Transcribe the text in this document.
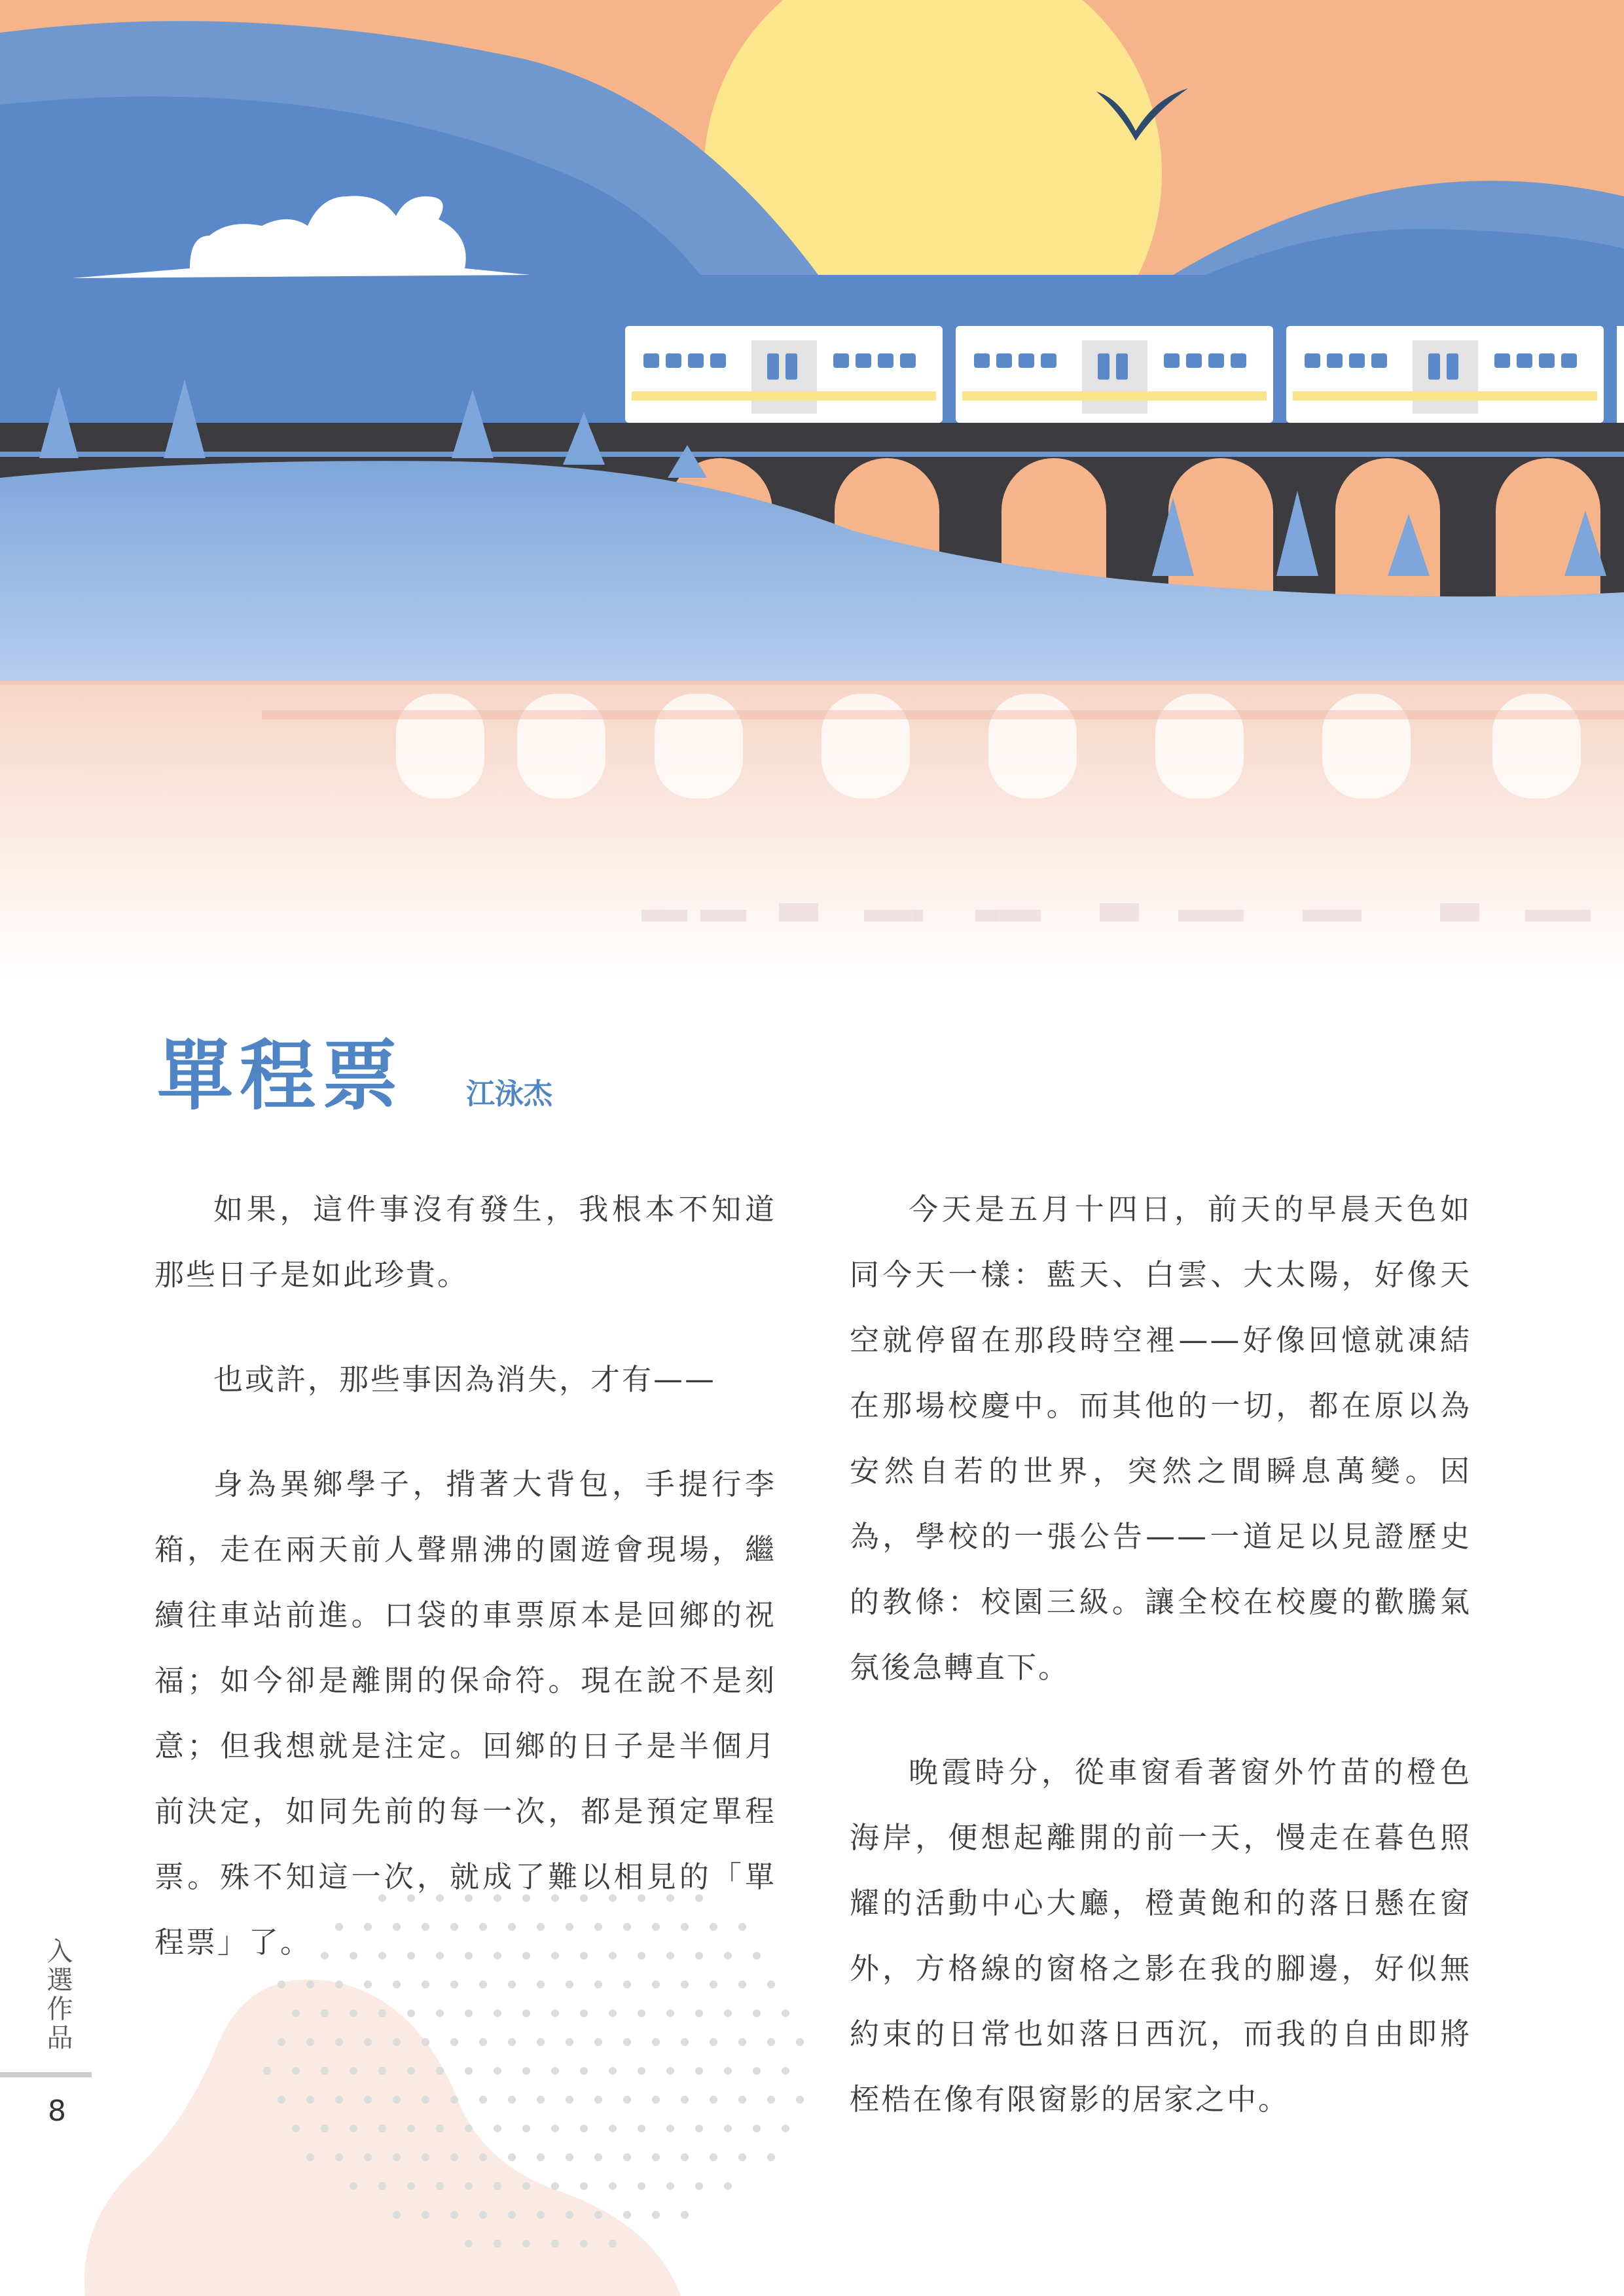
單程票 江泳杰

如果，這件事沒有發生，我根本不知道那些日子是如此珍貴。

也或許，那些事因為消失，才有——

身為異鄉學子，揹著大背包，手提行李箱，走在兩天前人聲鼎沸的園遊會現場，繼續往車站前進。口袋的車票原本是回鄉的祝福；如今卻是離開的保命符。現在說不是刻意；但我想就是注定。回鄉的日子是半個月前決定，如同先前的每一次，都是預定單程票。殊不知這一次，就成了難以相見的「單程票」了。

今天是五月十四日，前天的早晨天色如同今天一樣：藍天、白雲、大太陽，好像天空就停留在那段時空裡——好像回憶就凍結在那場校慶中。而其他的一切，都在原以為安然自若的世界，突然之間瞬息萬變。因為，學校的一張公告——一道足以見證歷史的教條：校園三級。讓全校在校慶的歡騰氣氛後急轉直下。

晚霞時分，從車窗看著窗外竹苗的橙色海岸，便想起離開的前一天，慢走在暮色照耀的活動中心大廳，橙黃飽和的落日懸在窗外，方格線的窗格之影在我的腳邊，好似無約束的日常也如落日西沉，而我的自由即將桎梏在像有限窗影的居家之中。

入選作品
8
